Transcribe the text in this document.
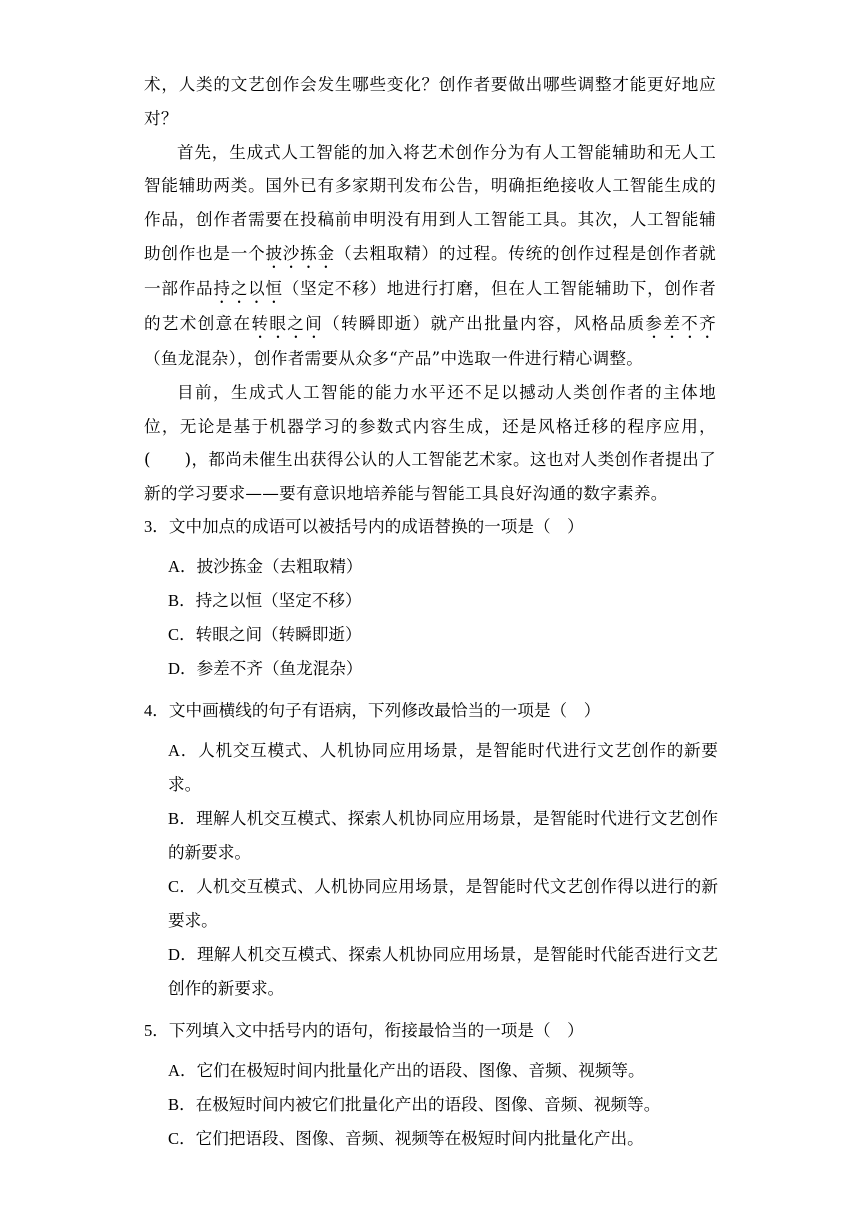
术，人类的文艺创作会发生哪些变化？创作者要做出哪些调整才能更好地应对？

首先，生成式人工智能的加入将艺术创作分为有人工智能辅助和无人工智能辅助两类。国外已有多家期刊发布公告，明确拒绝接收人工智能生成的作品，创作者需要在投稿前申明没有用到人工智能工具。其次，人工智能辅助创作也是一个披沙拣金（去粗取精）的过程。传统的创作过程是创作者就一部作品持之以恒（坚定不移）地进行打磨，但在人工智能辅助下，创作者的艺术创意在转眼之间（转瞬即逝）就产出批量内容，风格品质参差不齐（鱼龙混杂），创作者需要从众多“产品”中选取一件进行精心调整。

目前，生成式人工智能的能力水平还不足以撼动人类创作者的主体地位，无论是基于机器学习的参数式内容生成，还是风格迁移的程序应用，(　　)，都尚未催生出获得公认的人工智能艺术家。这也对人类创作者提出了新的学习要求——要有意识地培养能与智能工具良好沟通的数字素养。

3．文中加点的成语可以被括号内的成语替换的一项是（　）
A．披沙拣金（去粗取精）
B．持之以恒（坚定不移）
C．转眼之间（转瞬即逝）
D．参差不齐（鱼龙混杂）
4．文中画横线的句子有语病，下列修改最恰当的一项是（　）
A．人机交互模式、人机协同应用场景，是智能时代进行文艺创作的新要求。
B．理解人机交互模式、探索人机协同应用场景，是智能时代进行文艺创作的新要求。
C．人机交互模式、人机协同应用场景，是智能时代文艺创作得以进行的新要求。
D．理解人机交互模式、探索人机协同应用场景，是智能时代能否进行文艺创作的新要求。
5．下列填入文中括号内的语句，衔接最恰当的一项是（　）
A．它们在极短时间内批量化产出的语段、图像、音频、视频等。
B．在极短时间内被它们批量化产出的语段、图像、音频、视频等。
C．它们把语段、图像、音频、视频等在极短时间内批量化产出。
